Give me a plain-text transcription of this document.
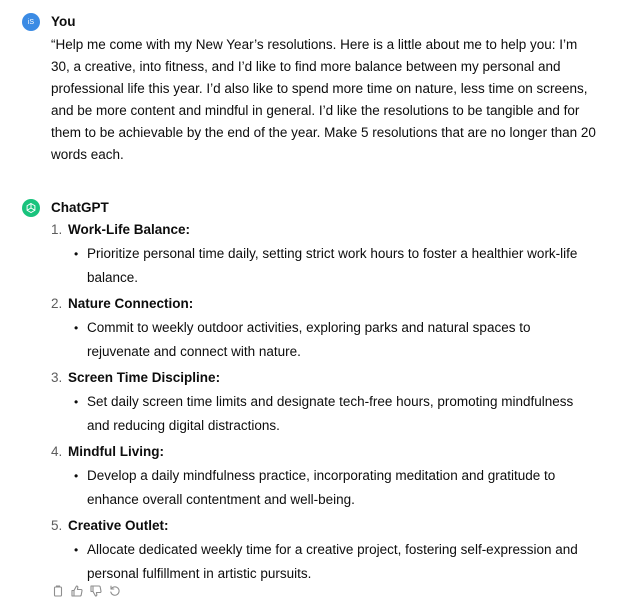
iS You

“Help me come with my New Year’s resolutions. Here is a little about me to help you: I’m 30, a creative, into fitness, and I’d like to find more balance between my personal and professional life this year. I’d also like to spend more time on nature, less time on screens, and be more content and mindful in general. I’d like the resolutions to be tangible and for them to be achievable by the end of the year. Make 5 resolutions that are no longer than 20 words each.

ChatGPT
1. Work-Life Balance:
• Prioritize personal time daily, setting strict work hours to foster a healthier work-life balance.
2. Nature Connection:
• Commit to weekly outdoor activities, exploring parks and natural spaces to rejuvenate and connect with nature.
3. Screen Time Discipline:
• Set daily screen time limits and designate tech-free hours, promoting mindfulness and reducing digital distractions.
4. Mindful Living:
• Develop a daily mindfulness practice, incorporating meditation and gratitude to enhance overall contentment and well-being.
5. Creative Outlet:
• Allocate dedicated weekly time for a creative project, fostering self-expression and personal fulfillment in artistic pursuits.
